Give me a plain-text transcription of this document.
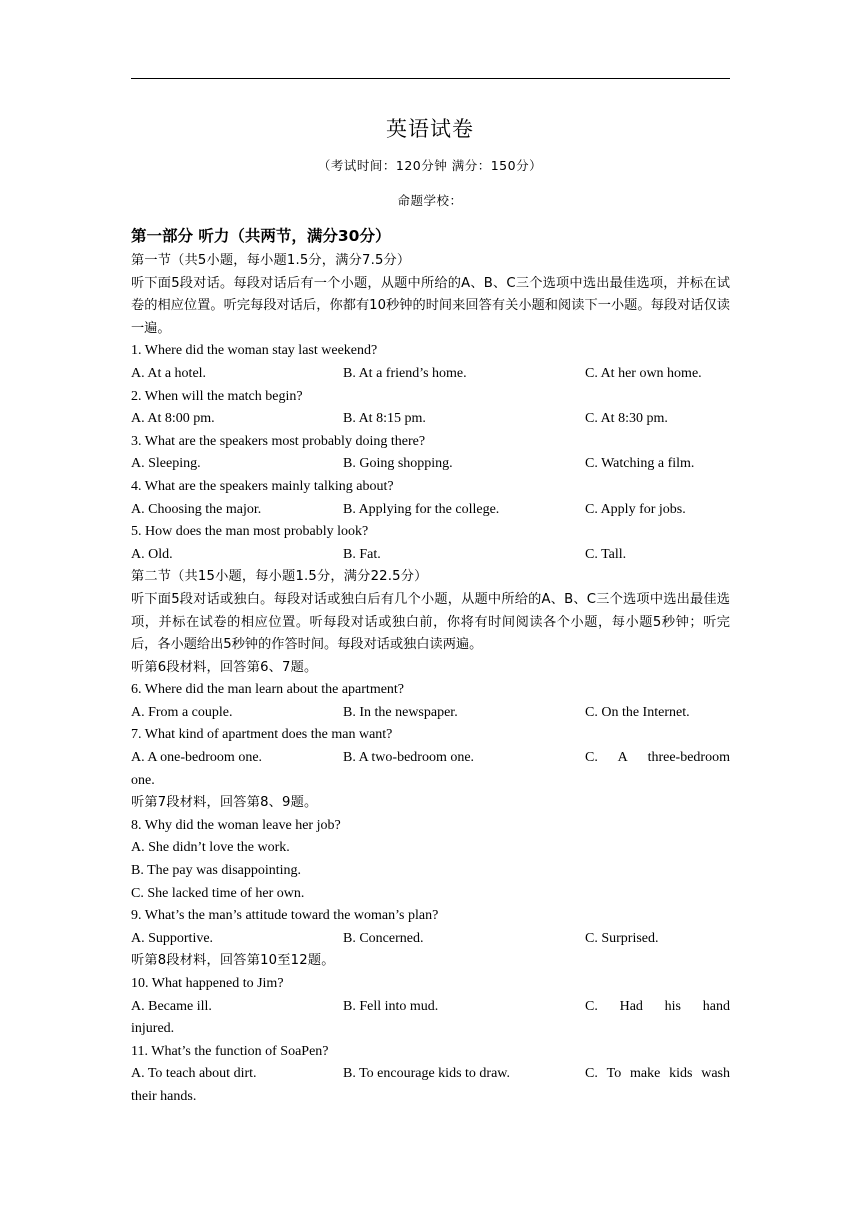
英语试卷
（考试时间：120分钟 满分：150分）
命题学校：
第一部分 听力（共两节，满分30分）
第一节（共5小题，每小题1.5分，满分7.5分）
听下面5段对话。每段对话后有一个小题，从题中所给的A、B、C三个选项中选出最佳选项，并标在试卷的相应位置。听完每段对话后，你都有10秒钟的时间来回答有关小题和阅读下一小题。每段对话仅读一遍。
1. Where did the woman stay last weekend?
A. At a hotel.	B. At a friend’s home.	C. At her own home.
2. When will the match begin?
A. At 8:00 pm.	B. At 8:15 pm.	C. At 8:30 pm.
3. What are the speakers most probably doing there?
A. Sleeping.	B. Going shopping.	C. Watching a film.
4. What are the speakers mainly talking about?
A. Choosing the major.	B. Applying for the college.	C. Apply for jobs.
5. How does the man most probably look?
A. Old.	B. Fat.	C. Tall.
第二节（共15小题，每小题1.5分，满分22.5分）
听下面5段对话或独白。每段对话或独白后有几个小题，从题中所给的A、B、C三个选项中选出最佳选项，并标在试卷的相应位置。听每段对话或独白前，你将有时间阅读各个小题，每小题5秒钟；听完后，各小题给出5秒钟的作答时间。每段对话或独白读两遍。
听第6段材料，回答第6、7题。
6. Where did the man learn about the apartment?
A. From a couple.	B. In the newspaper.	C. On the Internet.
7. What kind of apartment does the man want?
A. A one-bedroom one.	B. A two-bedroom one.	C. A three-bedroom
one.
听第7段材料，回答第8、9题。
8. Why did the woman leave her job?
A. She didn’t love the work.
B. The pay was disappointing.
C. She lacked time of her own.
9. What’s the man’s attitude toward the woman’s plan?
A. Supportive.	B. Concerned.	C. Surprised.
听第8段材料，回答第10至12题。
10. What happened to Jim?
A. Became ill.	B. Fell into mud.	C. Had his hand
injured.
11. What’s the function of SoaPen?
A. To teach about dirt.	B. To encourage kids to draw.	C. To make kids wash
their hands.
